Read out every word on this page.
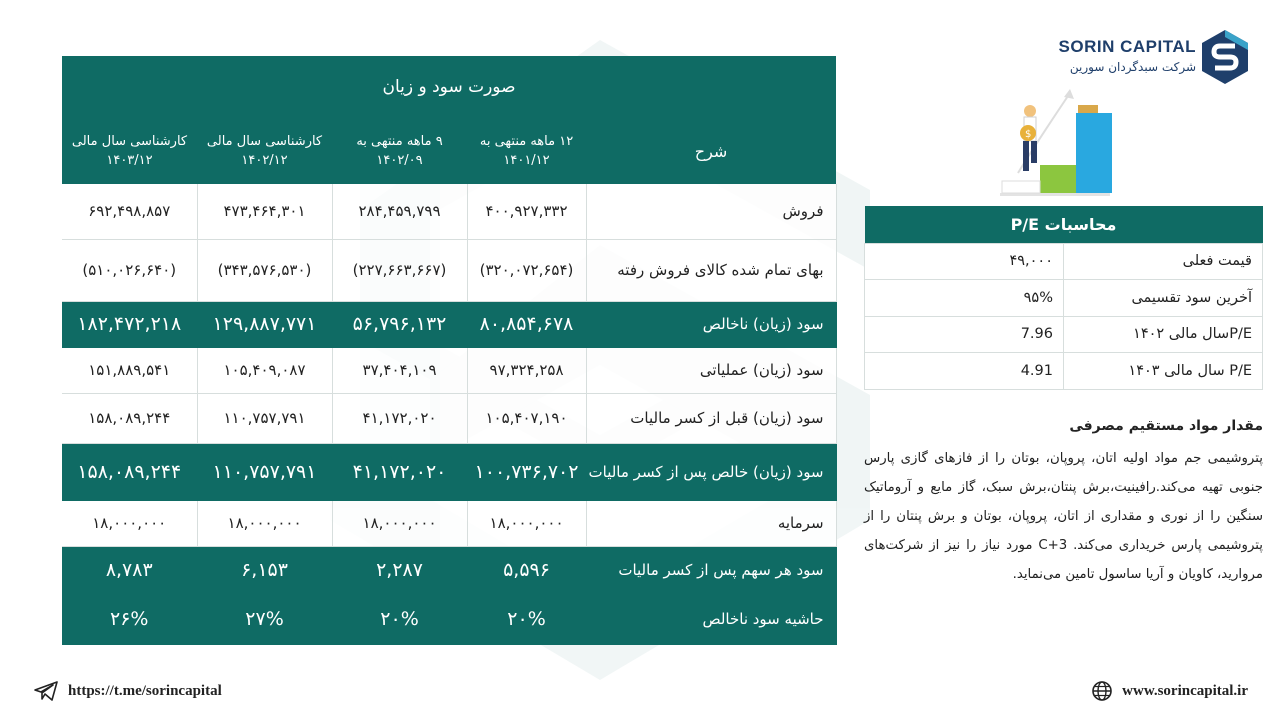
صورت سود و زیان				
شرح	۱۲ ماهه منتهی به ۱۴۰۱/۱۲	۹ ماهه منتهی به ۱۴۰۲/۰۹	کارشناسی سال مالی ۱۴۰۲/۱۲	کارشناسی سال مالی ۱۴۰۳/۱۲
فروش	۴۰۰,۹۲۷,۳۳۲	۲۸۴,۴۵۹,۷۹۹	۴۷۳,۴۶۴,۳۰۱	۶۹۲,۴۹۸,۸۵۷
بهای تمام شده کالای فروش رفته	(۳۲۰,۰۷۲,۶۵۴)	(۲۲۷,۶۶۳,۶۶۷)	(۳۴۳,۵۷۶,۵۳۰)	(۵۱۰,۰۲۶,۶۴۰)
سود (زیان) ناخالص	۸۰,۸۵۴,۶۷۸	۵۶,۷۹۶,۱۳۲	۱۲۹,۸۸۷,۷۷۱	۱۸۲,۴۷۲,۲۱۸
سود (زیان) عملیاتی	۹۷,۳۲۴,۲۵۸	۳۷,۴۰۴,۱۰۹	۱۰۵,۴۰۹,۰۸۷	۱۵۱,۸۸۹,۵۴۱
سود (زیان) قبل از کسر مالیات	۱۰۵,۴۰۷,۱۹۰	۴۱,۱۷۲,۰۲۰	۱۱۰,۷۵۷,۷۹۱	۱۵۸,۰۸۹,۲۴۴
سود (زیان) خالص پس از کسر مالیات	۱۰۰,۷۳۶,۷۰۲	۴۱,۱۷۲,۰۲۰	۱۱۰,۷۵۷,۷۹۱	۱۵۸,۰۸۹,۲۴۴
سرمایه	۱۸,۰۰۰,۰۰۰	۱۸,۰۰۰,۰۰۰	۱۸,۰۰۰,۰۰۰	۱۸,۰۰۰,۰۰۰
سود هر سهم پس از کسر مالیات	۵,۵۹۶	۲,۲۸۷	۶,۱۵۳	۸,۷۸۳
حاشیه سود ناخالص	۲۰%	۲۰%	۲۷%	۲۶%
SORIN CAPITAL
شرکت سبدگردان سورین
$
محاسبات P/E	
قیمت فعلی	۴۹,۰۰۰
آخرین سود تقسیمی	۹۵%
P/Eسال مالی ۱۴۰۲	7.96
P/E سال مالی ۱۴۰۳	4.91
مقدار مواد مستقیم مصرفی
پتروشیمی جم مواد اولیه اتان، پروپان، بوتان را از فازهای گازی پارس جنوبی تهیه می‌کند.رافینیت،برش پنتان،برش سبک، گاز مایع و آروماتیک سنگین را از نوری و مقداری از اتان، پروپان، بوتان و برش پنتان را از پتروشیمی پارس خریداری می‌کند. C+3 مورد نیاز را نیز از شرکت‌های مروارید، کاویان و آریا ساسول تامین می‌نماید.
https://t.me/sorincapital	www.sorincapital.ir
